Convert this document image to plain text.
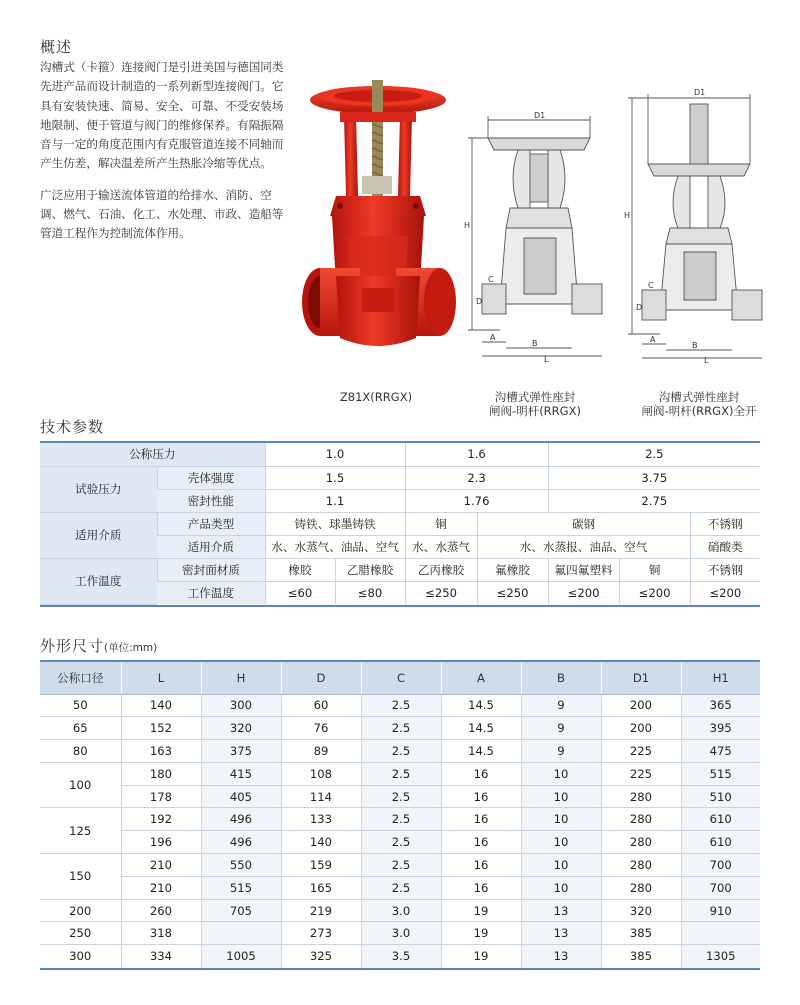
概述

沟槽式（卡箍）连接阀门是引进美国与德国同类先进产品而设计制造的一系列新型连接阀门。它具有安装快速、简易、安全、可靠、不受安装场地限制、便于管道与阀门的维修保养。有隔振隔音与一定的角度范围内有克服管道连接不同轴而产生仿差，解决温差所产生热胀冷缩等优点。

广泛应用于输送流体管道的给排水、消防、空调、燃气、石油、化工、水处理、市政、造船等管道工程作为控制流体作用。

D1
H
C
D
A
B
L
D1
H
C
D
A
B
L
Z81X(RRGX)	沟槽式弹性座封
闸阀-明杆(RRGX)
沟槽式弹性座封
闸阀-明杆(RRGX)全开
技术参数
公称压力		1.0		1.6		2.5		
试验压力	壳体强度	1.5		2.3		3.75		
	密封性能	1.1		1.76		2.75		
适用介质	产品类型	铸铁、球墨铸铁		铜	碳钢			不锈钢
	适用介质	水、水蒸气、油品、空气		水、水蒸气	水、水蒸报、油品、空气			硝酸类
工作温度	密封面材质	橡胶	乙腊橡胶	乙丙橡胶	氟橡胶	氟四氟塑料	铜	不锈钢
	工作温度	≤60	≤80	≤250	≤250	≤200	≤200	≤200
外形尺寸(单位:mm)
公称口径	L	H	D	C	A	B	D1	H1
50	140	300	60	2.5	14.5	9	200	365
65	152	320	76	2.5	14.5	9	200	395
80	163	375	89	2.5	14.5	9	225	475
100	180	415	108	2.5	16	10	225	515
	178	405	114	2.5	16	10	280	510
125	192	496	133	2.5	16	10	280	610
	196	496	140	2.5	16	10	280	610
150	210	550	159	2.5	16	10	280	700
	210	515	165	2.5	16	10	280	700
200	260	705	219	3.0	19	13	320	910
250	318		273	3.0	19	13	385	
300	334	1005	325	3.5	19	13	385	1305
